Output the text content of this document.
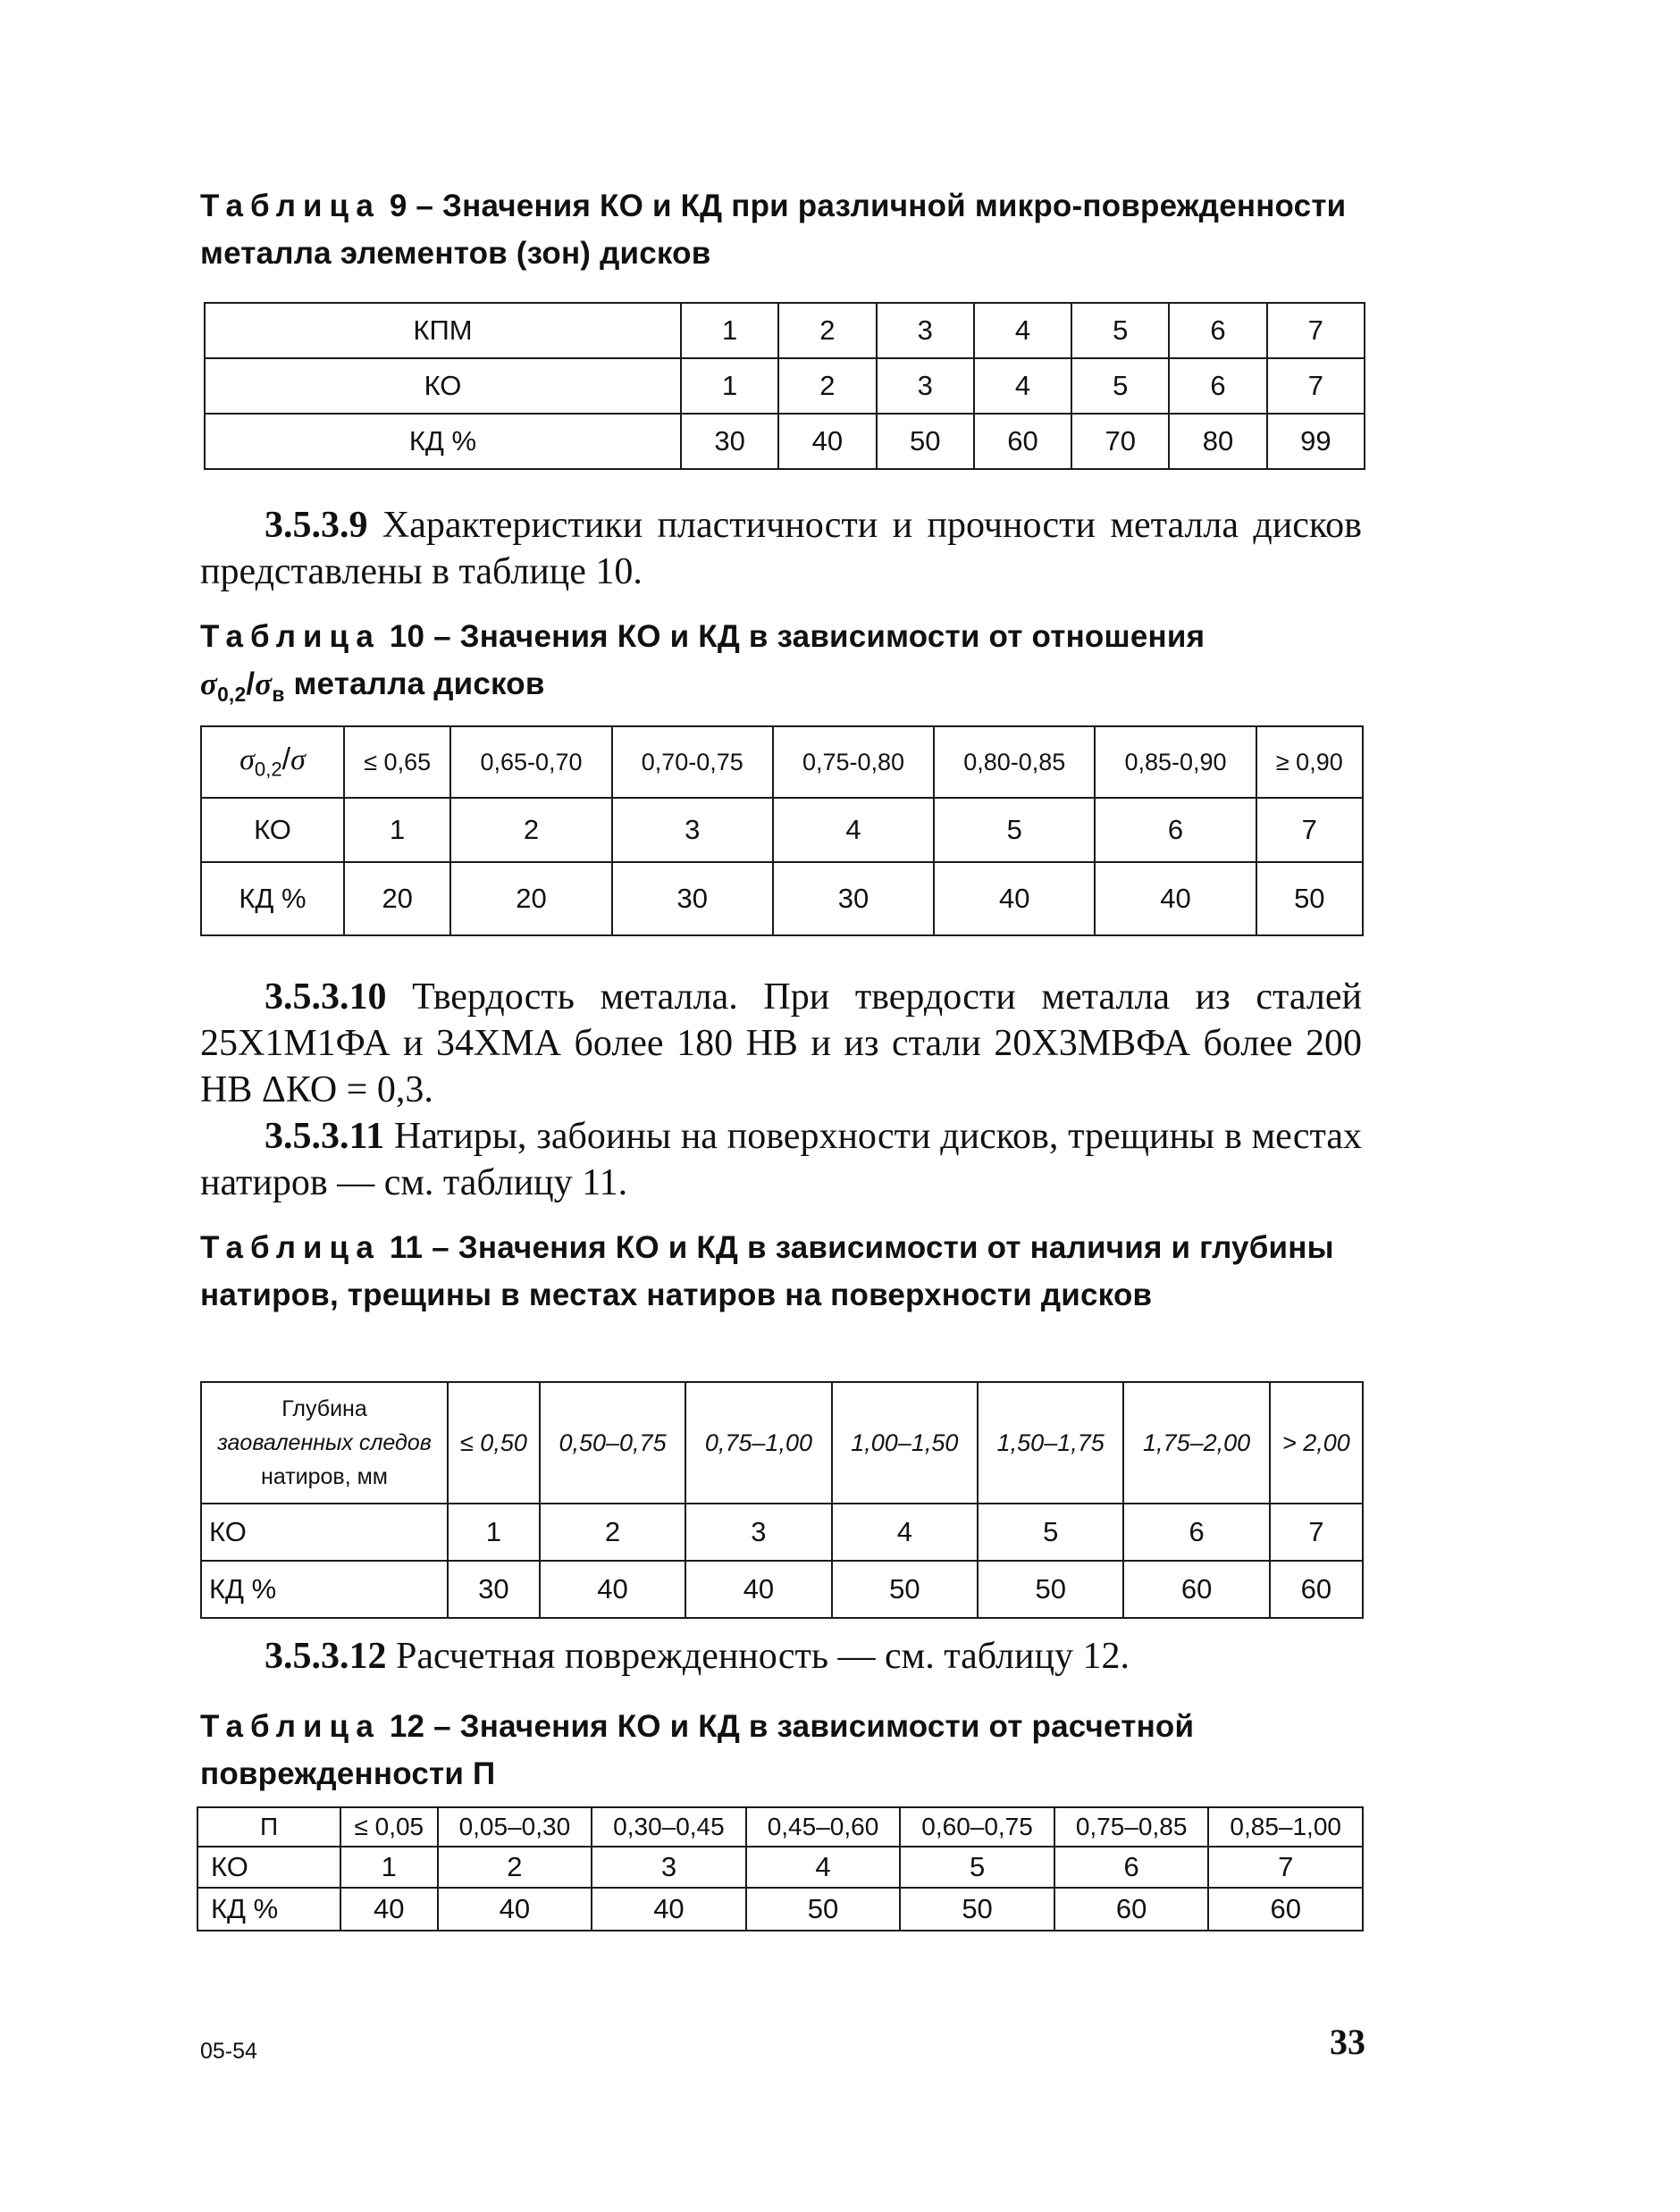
Таблица 9 – Значения КО и КД при различной микро-поврежденности металла элементов (зон) дисков
КПМ	1	2	3	4	5	6	7
КО	1	2	3	4	5	6	7
КД %	30	40	50	60	70	80	99
3.5.3.9 Характеристики пластичности и прочности металла дисков представлены в таблице 10.
Таблица 10 – Значения КО и КД в зависимости от отношения
$\sigma_{0,2}/\sigma_в$ металла дисков
$\sigma_{0,2}/\sigma$	≤ 0,65	0,65-0,70	0,70-0,75	0,75-0,80	0,80-0,85	0,85-0,90	≥ 0,90
КО	1	2	3	4	5	6	7
КД %	20	20	30	30	40	40	50
3.5.3.10 Твердость металла. При твердости металла из сталей 25Х1М1ФА и 34ХМА более 180 НВ и из стали 20Х3МВФА более 200 НВ ΔКО = 0,3.
3.5.3.11 Натиры, забоины на поверхности дисков, трещины в местах натиров — см. таблицу 11.
Таблица 11 – Значения КО и КД в зависимости от наличия и глубины натиров, трещины в местах натиров на поверхности дисков
Глубина
заоваленных следов
натиров, мм	≤ 0,50	0,50–0,75	0,75–1,00	1,00–1,50	1,50–1,75	1,75–2,00	> 2,00
КО	1	2	3	4	5	6	7
КД %	30	40	40	50	50	60	60
3.5.3.12 Расчетная поврежденность — см. таблицу 12.
Таблица 12 – Значения КО и КД в зависимости от расчетной поврежденности П
П	≤ 0,05	0,05–0,30	0,30–0,45	0,45–0,60	0,60–0,75	0,75–0,85	0,85–1,00
КО	1	2	3	4	5	6	7
КД %	40	40	40	50	50	60	60
05-54	33
